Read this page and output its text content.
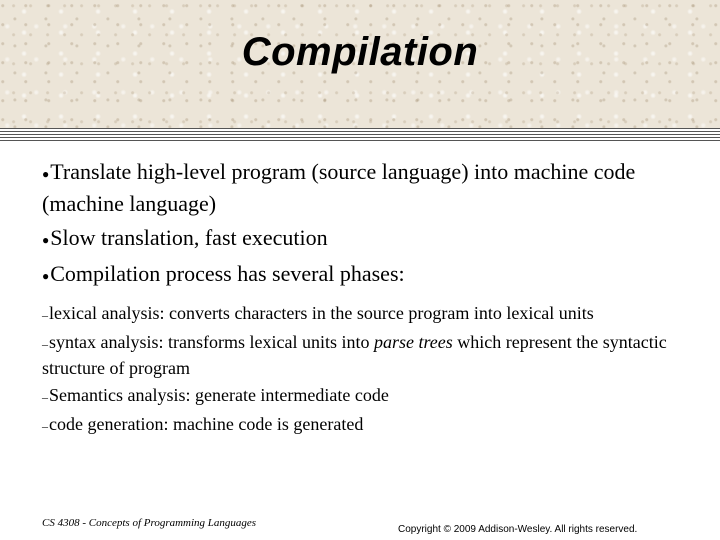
Compilation
●Translate high-level program (source language) into machine code (machine language)
●Slow translation, fast execution
●Compilation process has several phases:
–lexical analysis: converts characters in the source program into lexical units
–syntax analysis: transforms lexical units into parse trees which represent the syntactic structure of program
–Semantics analysis: generate intermediate code
–code generation: machine code is generated
CS 4308 - Concepts of Programming Languages
Copyright © 2009 Addison-Wesley. All rights reserved.
